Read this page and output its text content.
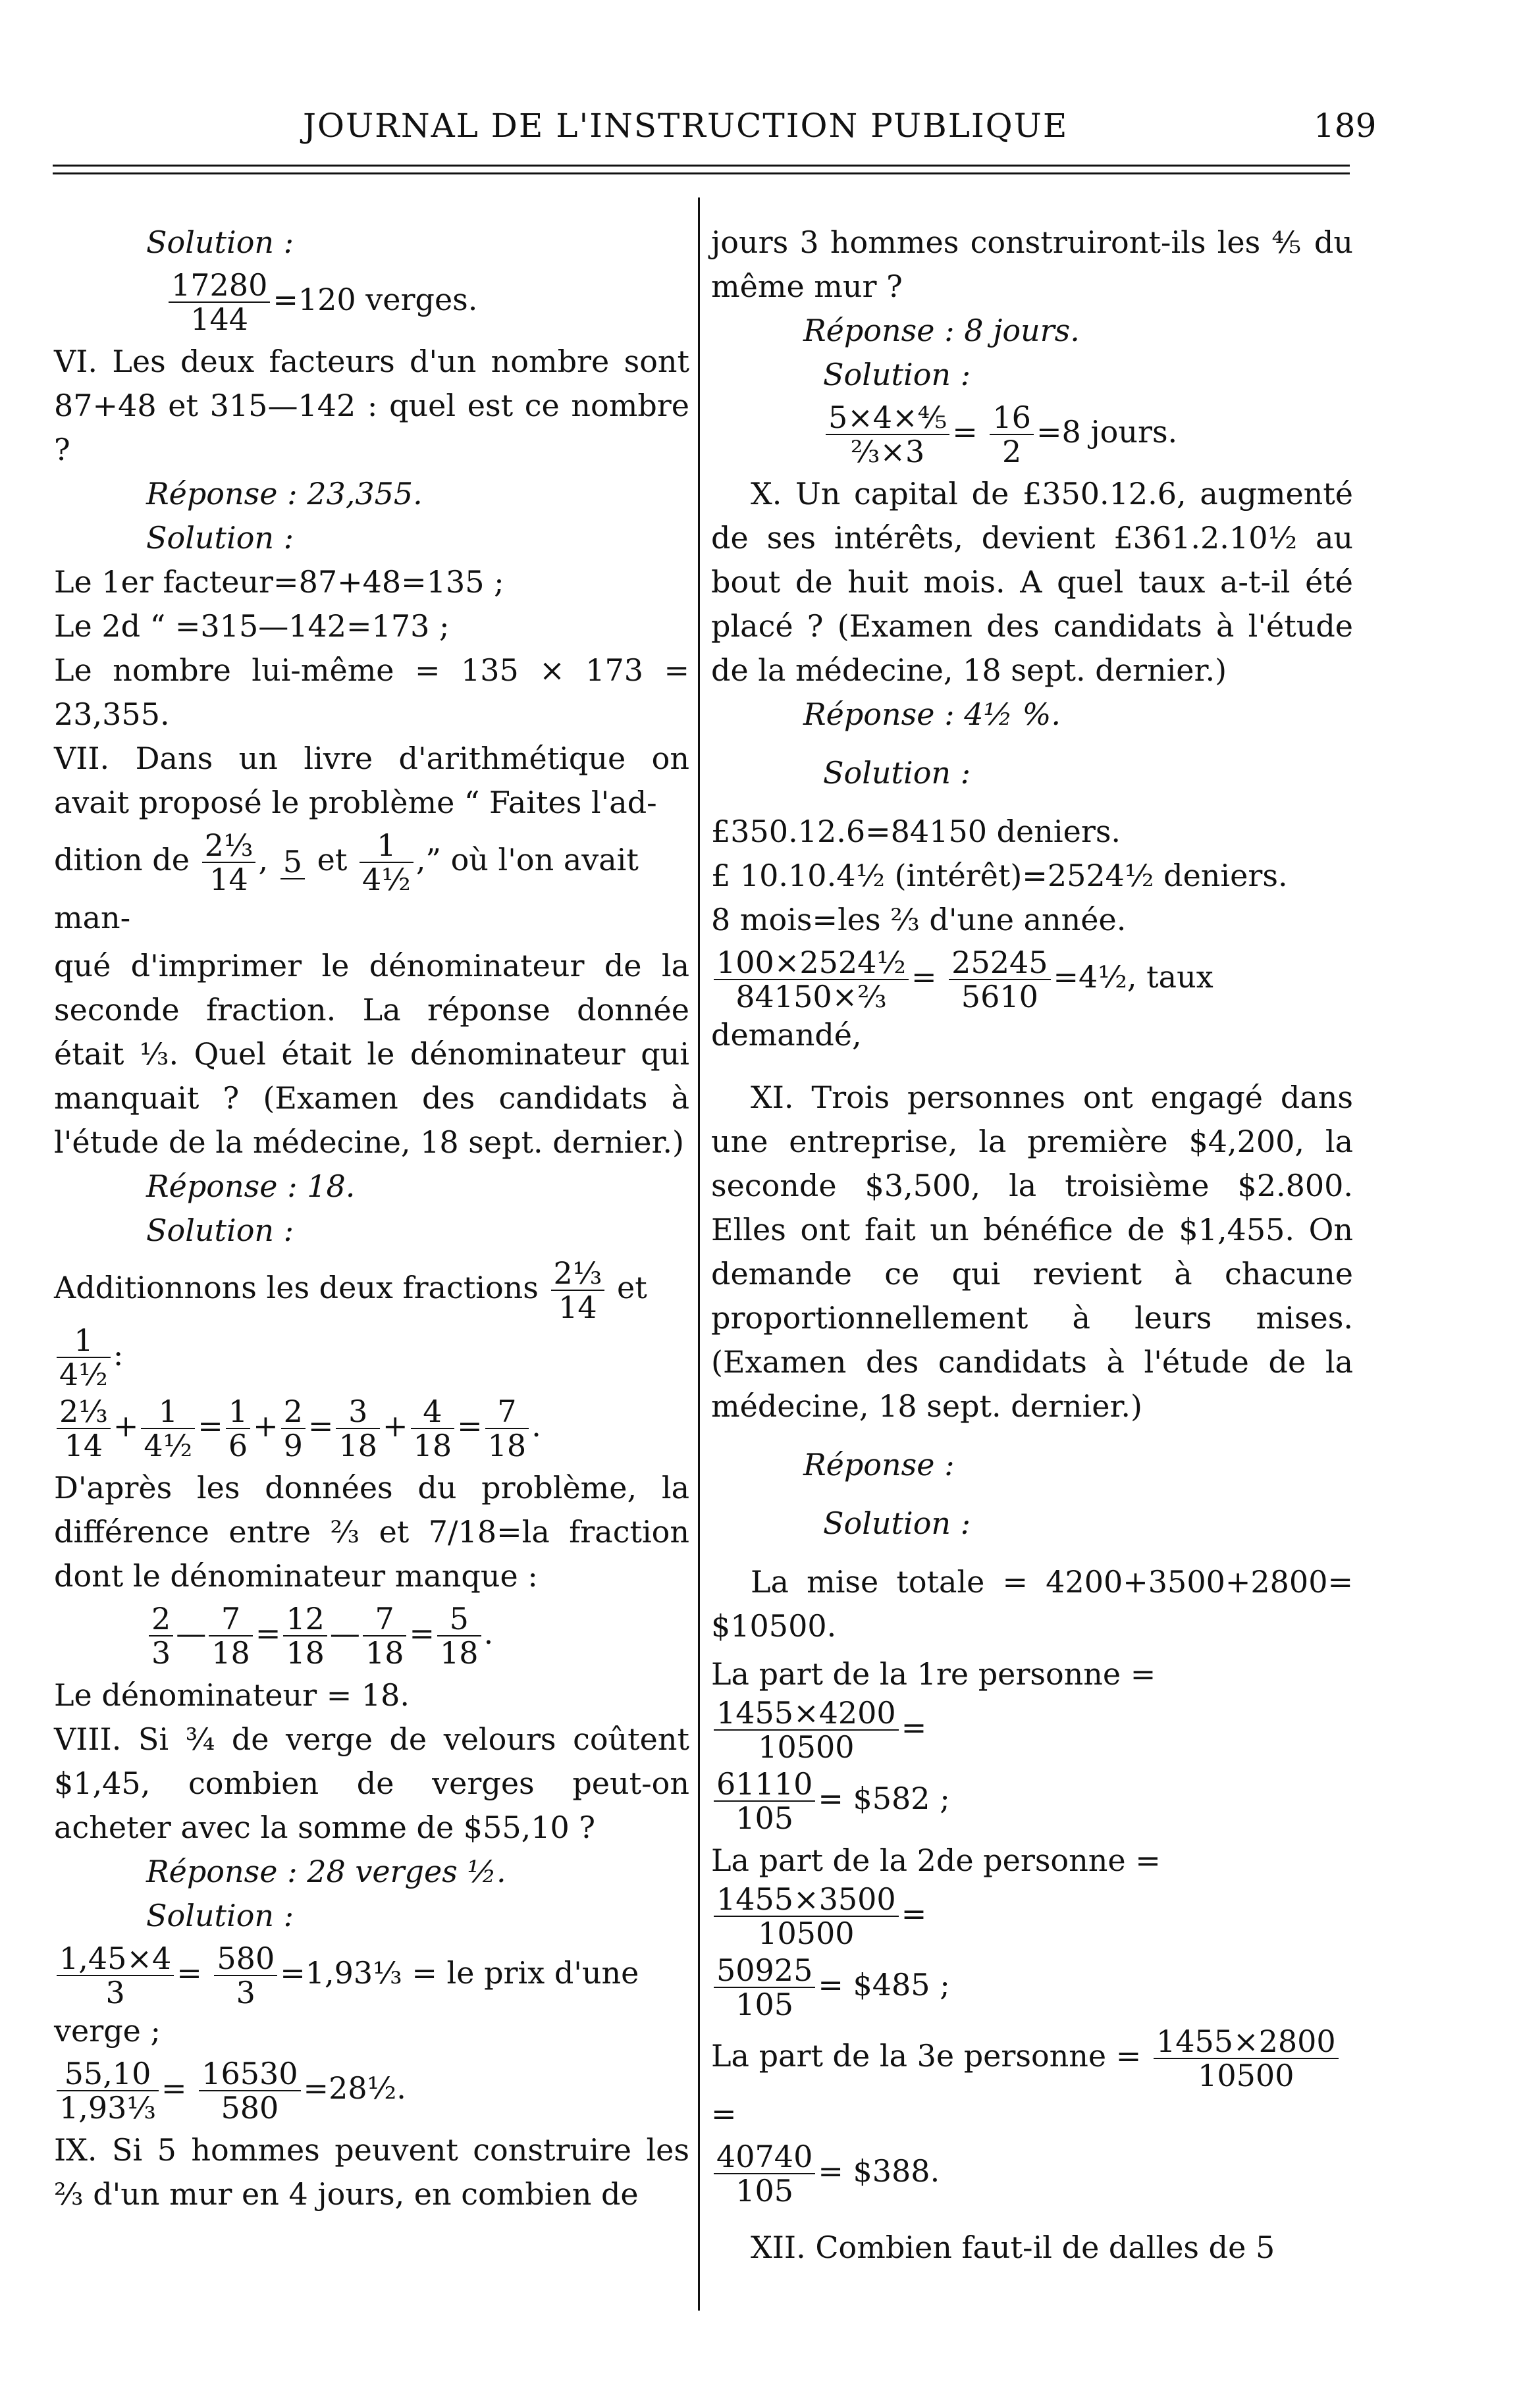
JOURNAL DE L'INSTRUCTION PUBLIQUE	189

Solution :

$\frac{17280}{144} =120$ verges.

VI. Les deux facteurs d'un nombre sont 87+48 et 315—142 : quel est ce nombre ?

Réponse : 23,355.

Solution :

Le 1er facteur=87+48=135 ;

Le 2d “ =315—142=173 ;

Le nombre lui-même = 135 × 173 = 23,355.

VII. Dans un livre d'arithmétique on avait proposé le problème “ Faites l'ad-

dition de $\frac{\text{2⅓}}{14}$ , 5 et $\frac{1}{\text{4½}}$ ,” où l'on avait man-

qué d'imprimer le dénominateur de la seconde fraction. La réponse donnée était ⅓. Quel était le dénominateur qui manquait ? (Examen des candidats à l'étude de la médecine, 18 sept. dernier.)

Réponse : 18.

Solution :

Additionnons les deux fractions $\frac{\text{2⅓}}{14}$ et
$\frac{1}{\text{4½}}$ :
$\frac{\text{2⅓}}{14} + \frac{1}{\text{4½}} = \frac{1}{6} + \frac{2}{9} = \frac{3}{18} + \frac{4}{18} = \frac{7}{18}$ .

D'après les données du problème, la différence entre ⅔ et 7/18=la fraction dont le dénominateur manque :

$\frac{2}{3}$ — $\frac{7}{18} = \frac{12}{18}$ — $\frac{7}{18} = \frac{5}{18}$ .

Le dénominateur = 18.

VIII. Si ¾ de verge de velours coûtent $1,45, combien de verges peut-on acheter avec la somme de $55,10 ?

Réponse : 28 verges ½.

Solution :

$\frac{1,45\times 4}{3} = \frac{580}{3}$ =1,93⅓ = le prix d'une verge ;
$\frac{55,10}{\text{1,93⅓}} = \frac{16530}{580}$ =28½.

IX. Si 5 hommes peuvent construire les ⅔ d'un mur en 4 jours, en combien de

jours 3 hommes construiront-ils les ⅘ du même mur ?

Réponse : 8 jours.

Solution :

$\frac{\text{5×4×⅘}}{\text{⅔×3}} = \frac{16}{2} =8$ jours.

X. Un capital de £350.12.6, augmenté de ses intérêts, devient £361.2.10½ au bout de huit mois. A quel taux a-t-il été placé ? (Examen des candidats à l'étude de la médecine, 18 sept. dernier.)

Réponse : 4½ %.

Solution :

£350.12.6=84150 deniers.

£ 10.10.4½ (intérêt)=2524½ deniers.

8 mois=les ⅔ d'une année.

$\frac{\text{100×2524½}}{\text{84150×⅔}} = \frac{25245}{5610}$ =4½, taux demandé,

XI. Trois personnes ont engagé dans une entreprise, la première $4,200, la seconde $3,500, la troisième $2.800. Elles ont fait un bénéfice de $1,455. On demande ce qui revient à chacune proportionnellement à leurs mises. (Examen des candidats à l'étude de la médecine, 18 sept. dernier.)

Réponse :

Solution :

La mise totale = 4200+3500+2800= $10500.

La part de la 1re personne =
$\frac{1455\times 4200}{10500}$ =
$\frac{61110}{105}$ = $582 ;
La part de la 2de personne =
$\frac{1455\times 3500}{10500}$ =
$\frac{50925}{105}$ = $485 ;
La part de la 3e personne = $\frac{1455\times 2800}{10500}$
=
$\frac{40740}{105}$ = $388.

XII. Combien faut-il de dalles de 5
